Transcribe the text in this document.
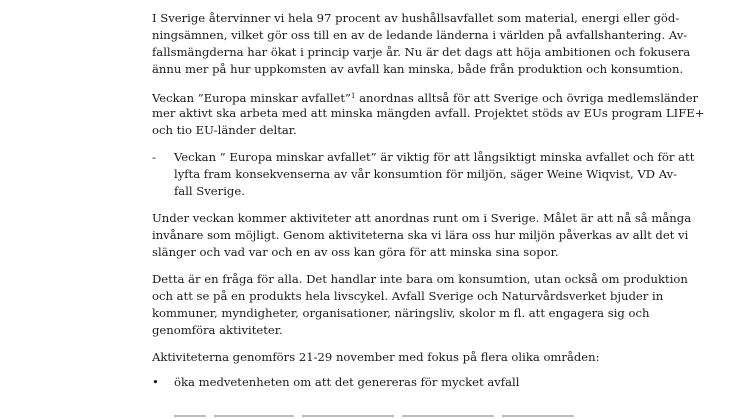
I Sverige återvinner vi hela 97 procent av hushållsavfallet som material, energi eller göd-
ningsämnen, vilket gör oss till en av de ledande länderna i världen på avfallshantering. Av-
fallsmängderna har ökat i princip varje år. Nu är det dags att höja ambitionen och fokusera
ännu mer på hur uppkomsten av avfall kan minska, både från produktion och konsumtion.
Veckan ”Europa minskar avfallet”$^1$ anordnas alltså för att Sverige och övriga medlemsländer
mer aktivt ska arbeta med att minska mängden avfall. Projektet stöds av EUs program LIFE+
och tio EU-länder deltar.
- Veckan ” Europa minskar avfallet” är viktig för att långsiktigt minska avfallet och för att
lyfta fram konsekvenserna av vår konsumtion för miljön, säger Weine Wiqvist, VD Av-
fall Sverige.
Under veckan kommer aktiviteter att anordnas runt om i Sverige. Målet är att nå så många
invånare som möjligt. Genom aktiviteterna ska vi lära oss hur miljön påverkas av allt det vi
slänger och vad var och en av oss kan göra för att minska sina sopor.
Detta är en fråga för alla. Det handlar inte bara om konsumtion, utan också om produktion
och att se på en produkts hela livscykel. Avfall Sverige och Naturvårdsverket bjuder in
kommuner, myndigheter, organisationer, näringsliv, skolor m fl. att engagera sig och
genomföra aktiviteter.
Aktiviteterna genomförs 21-29 november med fokus på flera olika områden:
• öka medvetenheten om att det genereras för mycket avfall
